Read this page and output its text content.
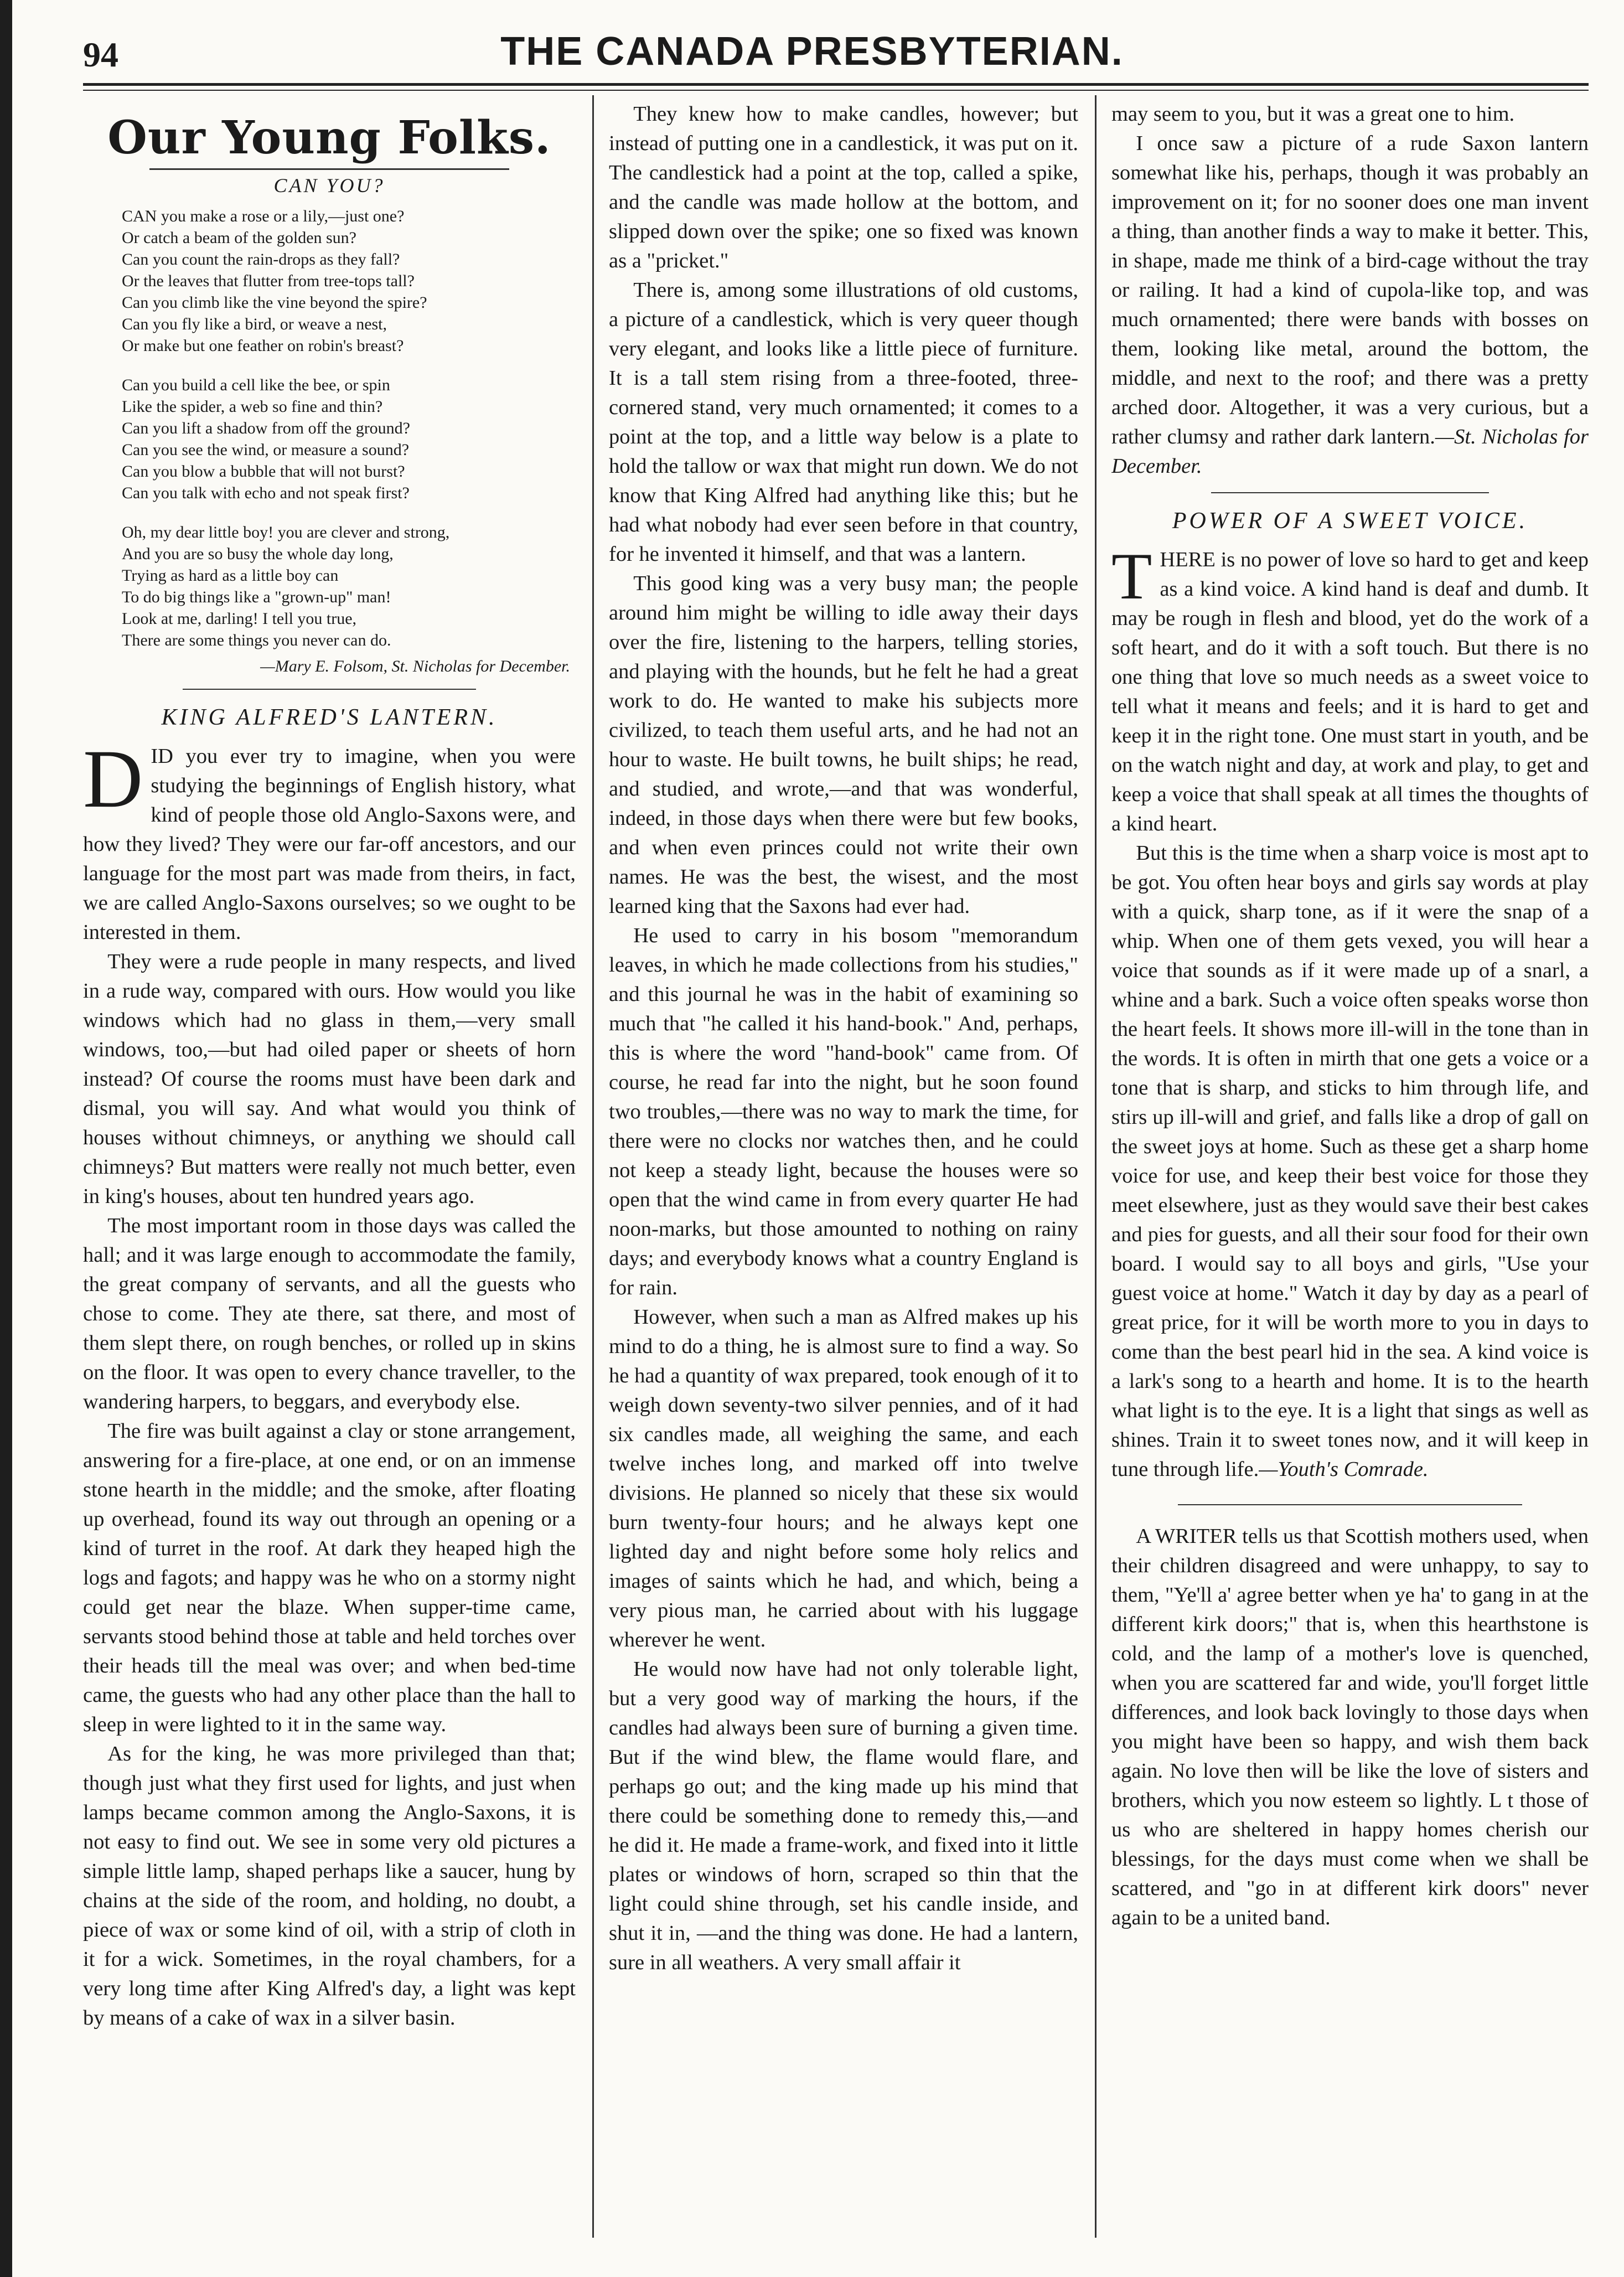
94	THE CANADA PRESBYTERIAN.
Our Young Folks.
CAN YOU?
CAN you make a rose or a lily,—just one?
Or catch a beam of the golden sun?
Can you count the rain-drops as they fall?
Or the leaves that flutter from tree-tops tall?
Can you climb like the vine beyond the spire?
Can you fly like a bird, or weave a nest,
Or make but one feather on robin's breast?
Can you build a cell like the bee, or spin
Like the spider, a web so fine and thin?
Can you lift a shadow from off the ground?
Can you see the wind, or measure a sound?
Can you blow a bubble that will not burst?
Can you talk with echo and not speak first?
Oh, my dear little boy! you are clever and strong,
And you are so busy the whole day long,
Trying as hard as a little boy can
To do big things like a "grown-up" man!
Look at me, darling! I tell you true,
There are some things you never can do.
—Mary E. Folsom, St. Nicholas for December.
KING ALFRED'S LANTERN.

DID you ever try to imagine, when you were studying the beginnings of English history, what kind of people those old Anglo-Saxons were, and how they lived? They were our far-off ancestors, and our language for the most part was made from theirs, in fact, we are called Anglo-Saxons ourselves; so we ought to be interested in them.

They were a rude people in many respects, and lived in a rude way, compared with ours. How would you like windows which had no glass in them,—very small windows, too,—but had oiled paper or sheets of horn instead? Of course the rooms must have been dark and dismal, you will say. And what would you think of houses without chimneys, or anything we should call chimneys? But matters were really not much better, even in king's houses, about ten hundred years ago.

The most important room in those days was called the hall; and it was large enough to accommodate the family, the great company of servants, and all the guests who chose to come. They ate there, sat there, and most of them slept there, on rough benches, or rolled up in skins on the floor. It was open to every chance traveller, to the wandering harpers, to beggars, and everybody else.

The fire was built against a clay or stone arrangement, answering for a fire-place, at one end, or on an immense stone hearth in the middle; and the smoke, after floating up overhead, found its way out through an opening or a kind of turret in the roof. At dark they heaped high the logs and fagots; and happy was he who on a stormy night could get near the blaze. When supper-time came, servants stood behind those at table and held torches over their heads till the meal was over; and when bed-time came, the guests who had any other place than the hall to sleep in were lighted to it in the same way.

As for the king, he was more privileged than that; though just what they first used for lights, and just when lamps became common among the Anglo-Saxons, it is not easy to find out. We see in some very old pictures a simple little lamp, shaped perhaps like a saucer, hung by chains at the side of the room, and holding, no doubt, a piece of wax or some kind of oil, with a strip of cloth in it for a wick. Sometimes, in the royal chambers, for a very long time after King Alfred's day, a light was kept by means of a cake of wax in a silver basin.

They knew how to make candles, however; but instead of putting one in a candlestick, it was put on it. The candlestick had a point at the top, called a spike, and the candle was made hollow at the bottom, and slipped down over the spike; one so fixed was known as a "pricket."

There is, among some illustrations of old customs, a picture of a candlestick, which is very queer though very elegant, and looks like a little piece of furniture. It is a tall stem rising from a three-footed, three-cornered stand, very much ornamented; it comes to a point at the top, and a little way below is a plate to hold the tallow or wax that might run down. We do not know that King Alfred had anything like this; but he had what nobody had ever seen before in that country, for he invented it himself, and that was a lantern.

This good king was a very busy man; the people around him might be willing to idle away their days over the fire, listening to the harpers, telling stories, and playing with the hounds, but he felt he had a great work to do. He wanted to make his subjects more civilized, to teach them useful arts, and he had not an hour to waste. He built towns, he built ships; he read, and studied, and wrote,—and that was wonderful, indeed, in those days when there were but few books, and when even princes could not write their own names. He was the best, the wisest, and the most learned king that the Saxons had ever had.

He used to carry in his bosom "memorandum leaves, in which he made collections from his studies," and this journal he was in the habit of examining so much that "he called it his hand-book." And, perhaps, this is where the word "hand-book" came from. Of course, he read far into the night, but he soon found two troubles,—there was no way to mark the time, for there were no clocks nor watches then, and he could not keep a steady light, because the houses were so open that the wind came in from every quarter He had noon-marks, but those amounted to nothing on rainy days; and everybody knows what a country England is for rain.

However, when such a man as Alfred makes up his mind to do a thing, he is almost sure to find a way. So he had a quantity of wax prepared, took enough of it to weigh down seventy-two silver pennies, and of it had six candles made, all weighing the same, and each twelve inches long, and marked off into twelve divisions. He planned so nicely that these six would burn twenty-four hours; and he always kept one lighted day and night before some holy relics and images of saints which he had, and which, being a very pious man, he carried about with his luggage wherever he went.

He would now have had not only tolerable light, but a very good way of marking the hours, if the candles had always been sure of burning a given time. But if the wind blew, the flame would flare, and perhaps go out; and the king made up his mind that there could be something done to remedy this,—and he did it. He made a frame-work, and fixed into it little plates or windows of horn, scraped so thin that the light could shine through, set his candle inside, and shut it in, —and the thing was done. He had a lantern, sure in all weathers. A very small affair it

may seem to you, but it was a great one to him.

I once saw a picture of a rude Saxon lantern somewhat like his, perhaps, though it was probably an improvement on it; for no sooner does one man invent a thing, than another finds a way to make it better. This, in shape, made me think of a bird-cage without the tray or railing. It had a kind of cupola-like top, and was much ornamented; there were bands with bosses on them, looking like metal, around the bottom, the middle, and next to the roof; and there was a pretty arched door. Altogether, it was a very curious, but a rather clumsy and rather dark lantern.—St. Nicholas for December.

POWER OF A SWEET VOICE.

THERE is no power of love so hard to get and keep as a kind voice. A kind hand is deaf and dumb. It may be rough in flesh and blood, yet do the work of a soft heart, and do it with a soft touch. But there is no one thing that love so much needs as a sweet voice to tell what it means and feels; and it is hard to get and keep it in the right tone. One must start in youth, and be on the watch night and day, at work and play, to get and keep a voice that shall speak at all times the thoughts of a kind heart.

But this is the time when a sharp voice is most apt to be got. You often hear boys and girls say words at play with a quick, sharp tone, as if it were the snap of a whip. When one of them gets vexed, you will hear a voice that sounds as if it were made up of a snarl, a whine and a bark. Such a voice often speaks worse thon the heart feels. It shows more ill-will in the tone than in the words. It is often in mirth that one gets a voice or a tone that is sharp, and sticks to him through life, and stirs up ill-will and grief, and falls like a drop of gall on the sweet joys at home. Such as these get a sharp home voice for use, and keep their best voice for those they meet elsewhere, just as they would save their best cakes and pies for guests, and all their sour food for their own board. I would say to all boys and girls, "Use your guest voice at home." Watch it day by day as a pearl of great price, for it will be worth more to you in days to come than the best pearl hid in the sea. A kind voice is a lark's song to a hearth and home. It is to the hearth what light is to the eye. It is a light that sings as well as shines. Train it to sweet tones now, and it will keep in tune through life.—Youth's Comrade.

A WRITER tells us that Scottish mothers used, when their children disagreed and were unhappy, to say to them, "Ye'll a' agree better when ye ha' to gang in at the different kirk doors;" that is, when this hearthstone is cold, and the lamp of a mother's love is quenched, when you are scattered far and wide, you'll forget little differences, and look back lovingly to those days when you might have been so happy, and wish them back again. No love then will be like the love of sisters and brothers, which you now esteem so lightly. L t those of us who are sheltered in happy homes cherish our blessings, for the days must come when we shall be scattered, and "go in at different kirk doors" never again to be a united band.
